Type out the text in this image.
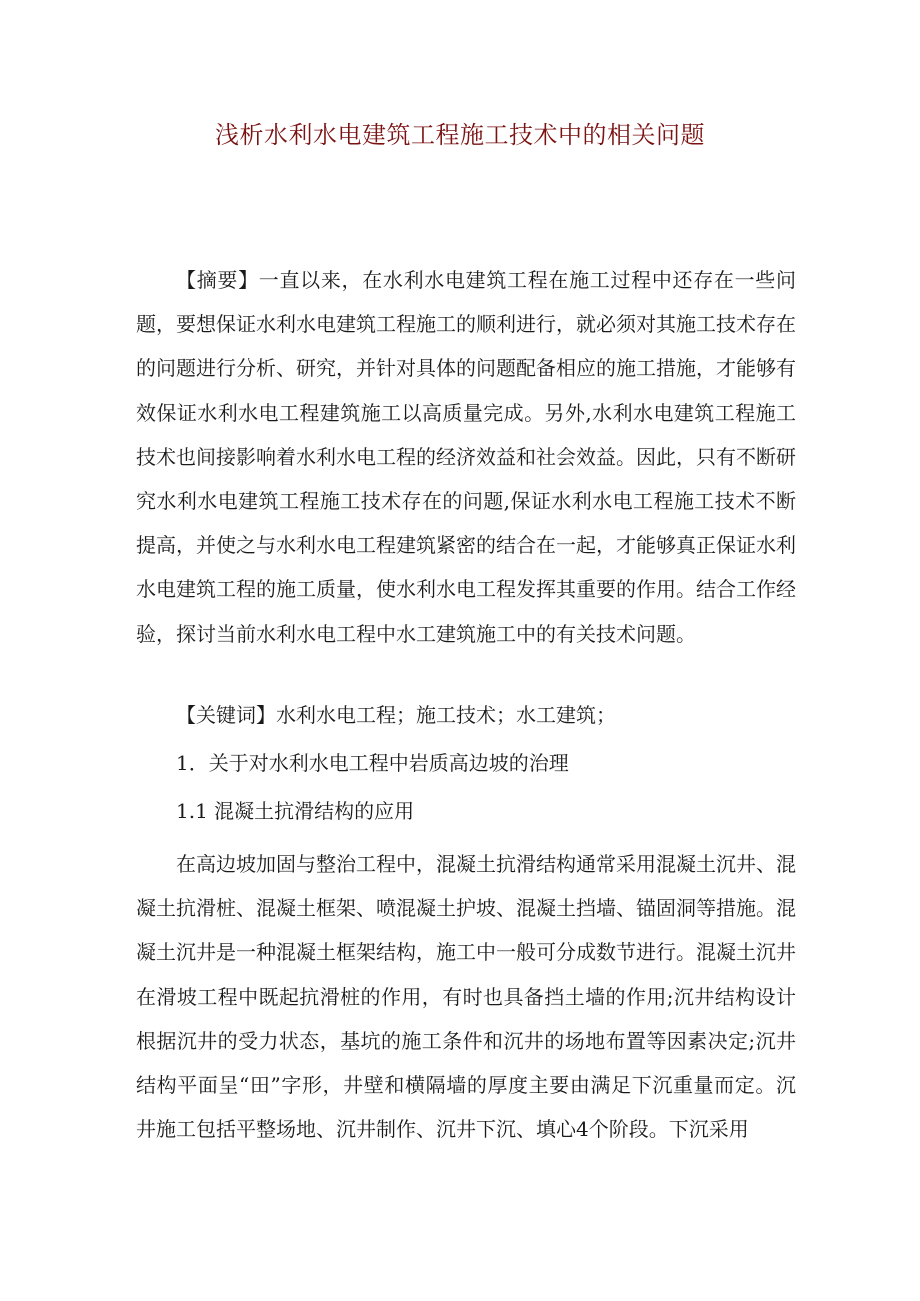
浅析水利水电建筑工程施工技术中的相关问题
【摘要】一直以来，在水利水电建筑工程在施工过程中还存在一些问题，要想保证水利水电建筑工程施工的顺利进行，就必须对其施工技术存在的问题进行分析、研究，并针对具体的问题配备相应的施工措施，才能够有效保证水利水电工程建筑施工以高质量完成。另外,水利水电建筑工程施工技术也间接影响着水利水电工程的经济效益和社会效益。因此，只有不断研究水利水电建筑工程施工技术存在的问题,保证水利水电工程施工技术不断提高，并使之与水利水电工程建筑紧密的结合在一起，才能够真正保证水利水电建筑工程的施工质量，使水利水电工程发挥其重要的作用。结合工作经验，探讨当前水利水电工程中水工建筑施工中的有关技术问题。
【关键词】水利水电工程；施工技术；水工建筑；
1．关于对水利水电工程中岩质高边坡的治理
1.1 混凝土抗滑结构的应用
在高边坡加固与整治工程中，混凝土抗滑结构通常采用混凝土沉井、混凝土抗滑桩、混凝土框架、喷混凝土护坡、混凝土挡墙、锚固洞等措施。混凝土沉井是一种混凝土框架结构，施工中一般可分成数节进行。混凝土沉井在滑坡工程中既起抗滑桩的作用，有时也具备挡土墙的作用;沉井结构设计根据沉井的受力状态，基坑的施工条件和沉井的场地布置等因素决定;沉井结构平面呈“田”字形，井壁和横隔墙的厚度主要由满足下沉重量而定。沉井施工包括平整场地、沉井制作、沉井下沉、填心4个阶段。下沉采用
